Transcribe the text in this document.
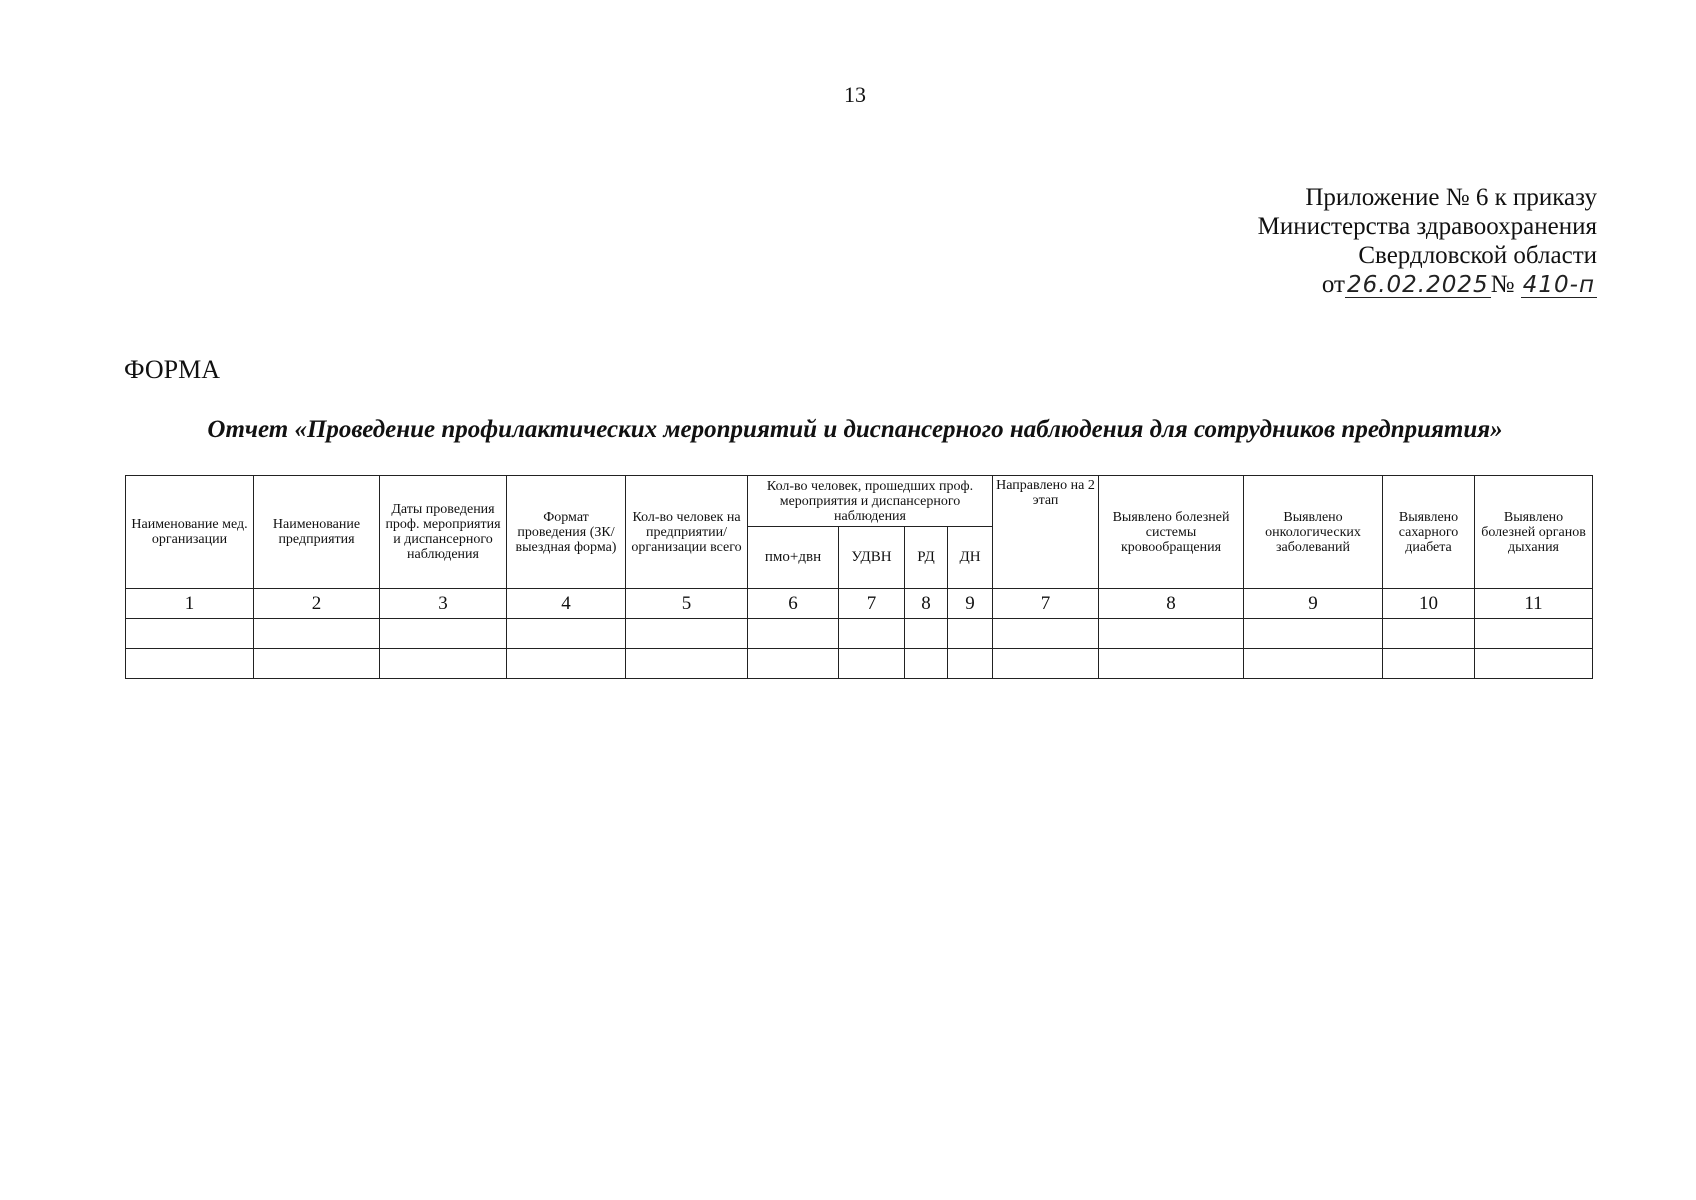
13
Приложение № 6 к приказу
Министерства здравоохранения
Свердловской области
от26.02.2025№ 410-п
ФОРМА
Отчет «Проведение профилактических мероприятий и диспансерного наблюдения для сотрудников предприятия»
Наименование мед. организации	Наименование предприятия	Даты проведения проф. мероприятия и диспансерного наблюдения	Формат проведения (ЗК/выездная форма)	Кол-во человек на предприятии/ организации всего	Кол-во человек, прошедших проф. мероприятия и диспансерного наблюдения				Направлено на 2 этап	Выявлено болезней системы кровообращения	Выявлено онкологических заболеваний	Выявлено сахарного диабета	Выявлено болезней органов дыхания
					пмо+двн	УДВН	РД	ДН					
1	2	3	4	5	6	7	8	9	7	8	9	10	11
